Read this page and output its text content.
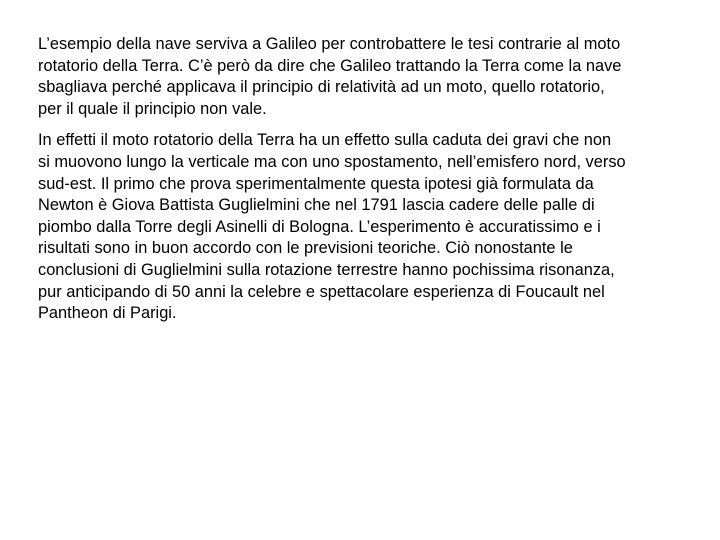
L’esempio della nave serviva a Galileo per controbattere le tesi contrarie al moto
rotatorio della Terra. C’è però da dire che Galileo trattando la Terra come la nave
sbagliava perché applicava il principio di relatività ad un moto, quello rotatorio,
per il quale il principio non vale.

In effetti il moto rotatorio della Terra ha un effetto sulla caduta dei gravi che non
si muovono lungo la verticale ma con uno spostamento, nell’emisfero nord, verso
sud-est. Il primo che prova sperimentalmente questa ipotesi già formulata da
Newton è Giova Battista Guglielmini che nel 1791 lascia cadere delle palle di
piombo dalla Torre degli Asinelli di Bologna. L’esperimento è accuratissimo e i
risultati sono in buon accordo con le previsioni teoriche. Ciò nonostante le
conclusioni di Guglielmini sulla rotazione terrestre hanno pochissima risonanza,
pur anticipando di 50 anni la celebre e spettacolare esperienza di Foucault nel
Pantheon di Parigi.
